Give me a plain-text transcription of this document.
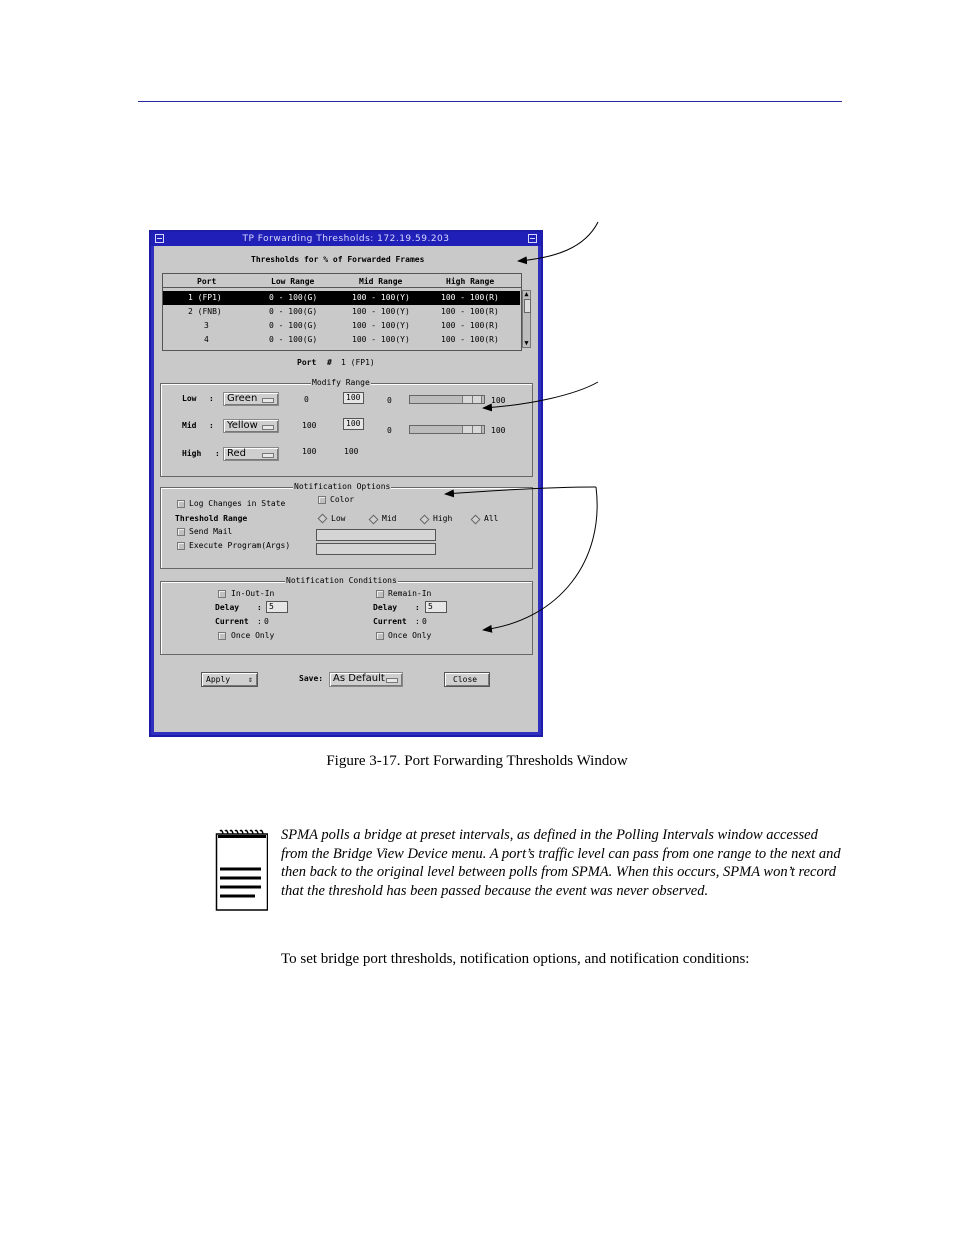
TP Forwarding Thresholds: 172.19.59.203
Thresholds for % of Forwarded Frames
Port	Low Range	Mid Range	High Range
1 (FP1)	0 - 100(G)	100 - 100(Y)	100 - 100(R)
2 (FNB)	0 - 100(G)	100 - 100(Y)	100 - 100(R)
3	0 - 100(G)	100 - 100(Y)	100 - 100(R)
4	0 - 100(G)	100 - 100(Y)	100 - 100(R)
▲
▼
Port # 1 (FP1)
Modify Range
Low :	Green	0	100	0	100
Mid :	Yellow	100	100
0	100
High : Red	100	100
Notification Options
Log Changes in State	Color
Threshold Range	Low	Mid	High	All
Send Mail
Execute Program(Args)
Notification Conditions
In-Out-In
Delay : 5
Current : 0
Once Only
Remain-In
Delay :	5
Current : 0
Once Only
Apply ⇕	Save: As Default	Close
Figure 3-17. Port Forwarding Thresholds Window
SPMA polls a bridge at preset intervals, as defined in the Polling Intervals window accessed from the Bridge View Device menu. A port’s traffic level can pass from one range to the next and then back to the original level between polls from SPMA. When this occurs, SPMA won’t record that the threshold has been passed because the event was never observed.
To set bridge port thresholds, notification options, and notification conditions:
